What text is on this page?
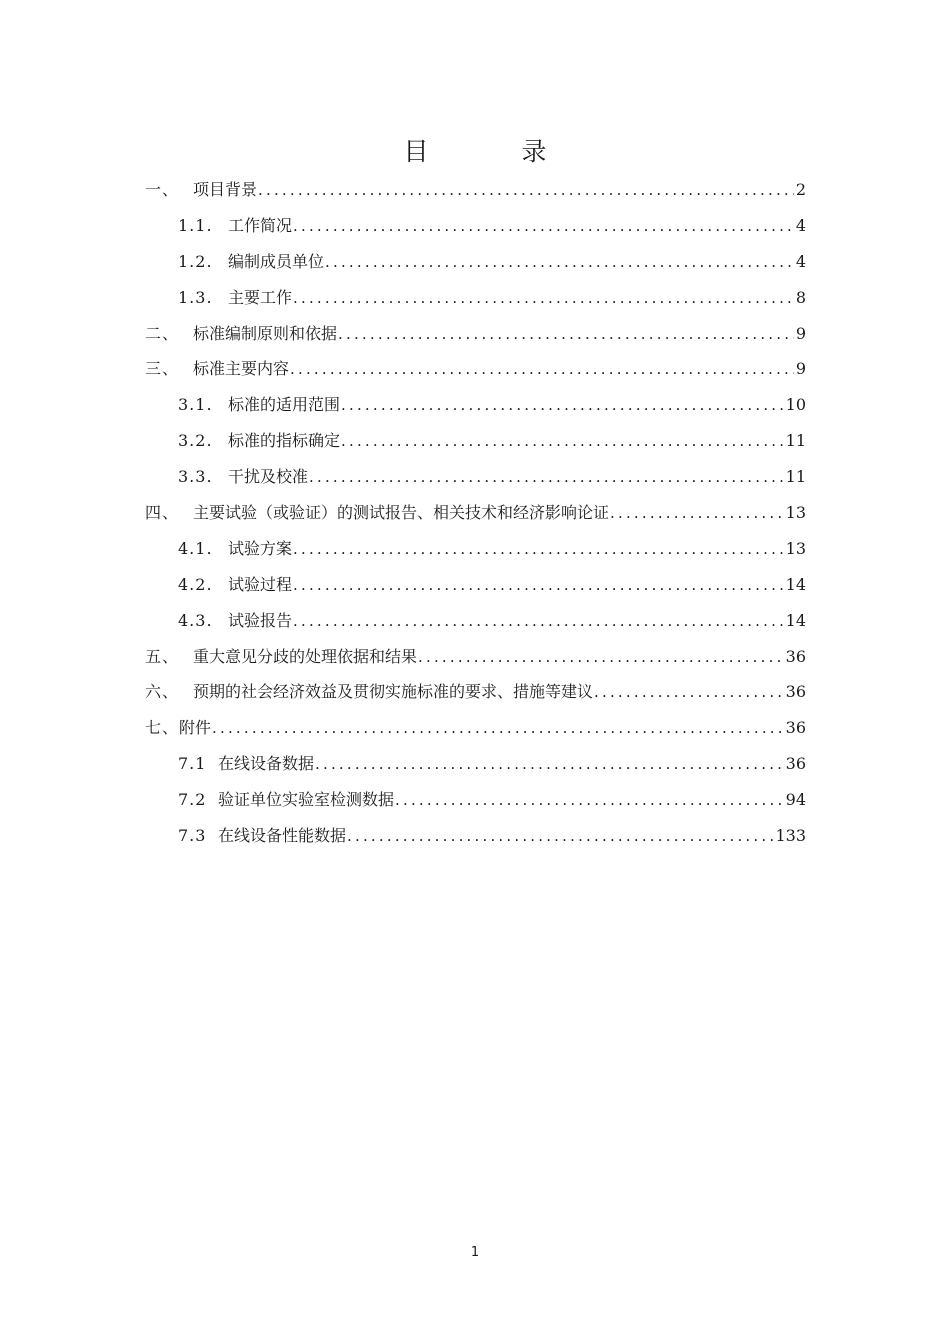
目　录
一、 项目背景 .....	2
1.1. 工作简况 .....	4
1.2. 编制成员单位 .....	4
1.3. 主要工作 .....	8
二、 标准编制原则和依据 .....	9
三、 标准主要内容 .....	9
3.1. 标准的适用范围 .....	10
3.2. 标准的指标确定 .....	11
3.3. 干扰及校准 .....	11
四、 主要试验（或验证）的测试报告、相关技术和经济影响论证 .....	13
4.1. 试验方案 .....	13
4.2. 试验过程 .....	14
4.3. 试验报告 .....	14
五、 重大意见分歧的处理依据和结果 .....	36
六、 预期的社会经济效益及贯彻实施标准的要求、措施等建议 .....	36
七、 附件 .....	36
7.1 在线设备数据 .....	36
7.2 验证单位实验室检测数据 .....	94
7.3 在线设备性能数据 .....	133
1
